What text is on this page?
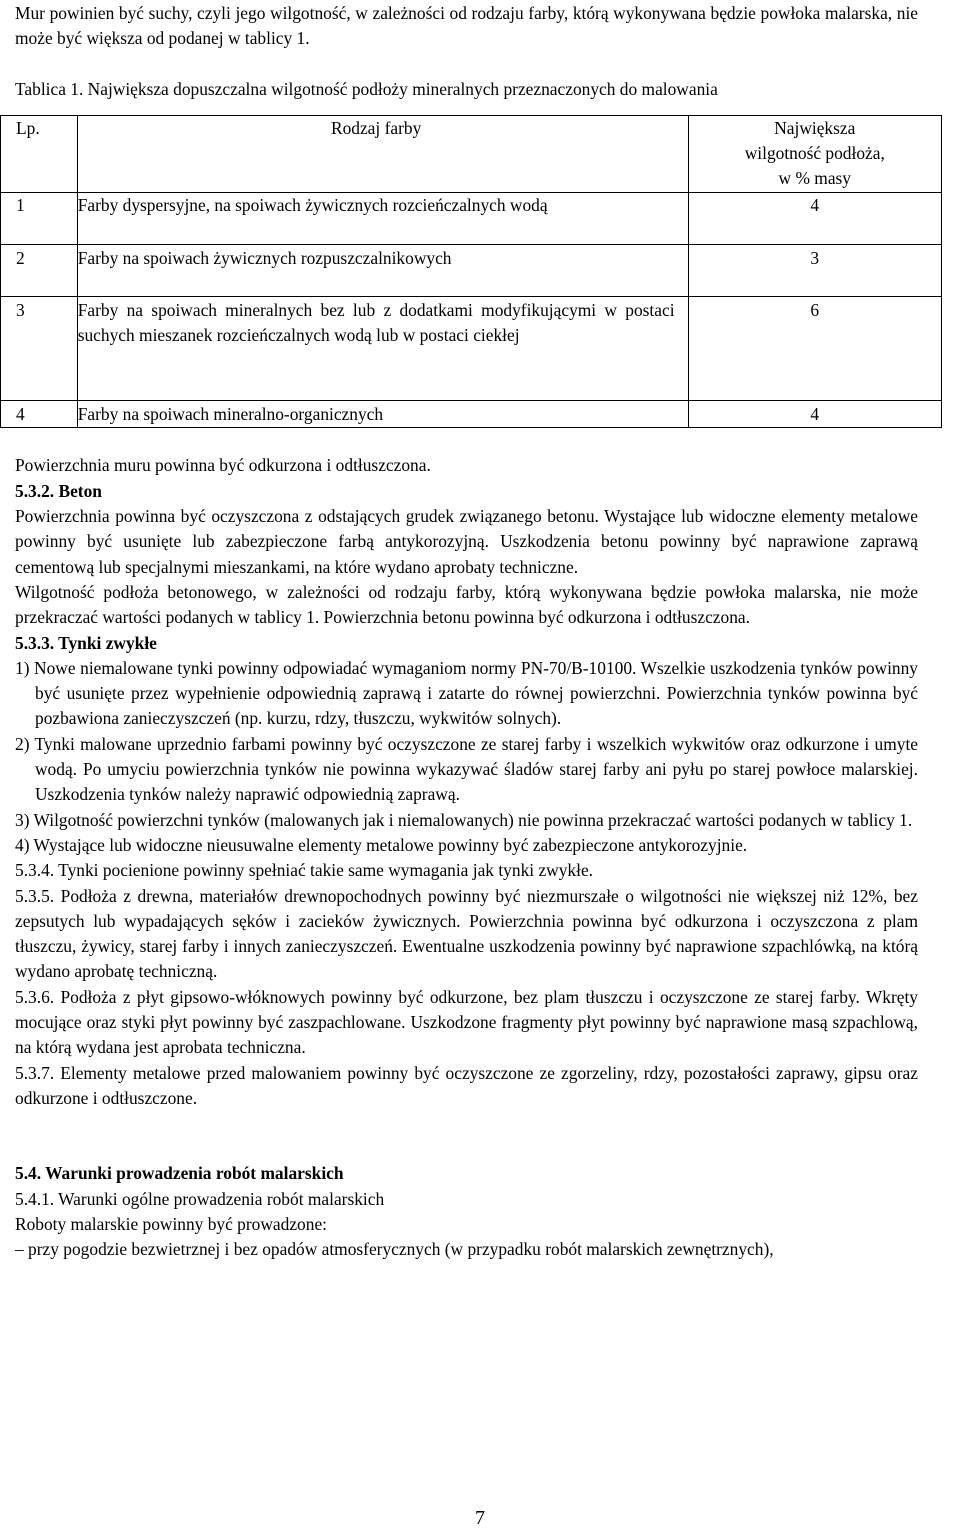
Mur powinien być suchy, czyli jego wilgotność, w zależności od rodzaju farby, którą wykonywana będzie powłoka malarska, nie może być większa od podanej w tablicy 1.

Tablica 1. Największa dopuszczalna wilgotność podłoży mineralnych przeznaczonych do malowania

Lp.	Rodzaj farby	Największa
wilgotność podłoża,
w % masy

1	Farby dyspersyjne, na spoiwach żywicznych rozcieńczalnych wodą	4
2	Farby na spoiwach żywicznych rozpuszczalnikowych	3
3	Farby na spoiwach mineralnych bez lub z dodatkami modyfikującymi w postaci suchych mieszanek rozcieńczalnych wodą lub w postaci ciekłej	6
4	Farby na spoiwach mineralno-organicznych	4

Powierzchnia muru powinna być odkurzona i odtłuszczona.

5.3.2. Beton

Powierzchnia powinna być oczyszczona z odstających grudek związanego betonu. Wystające lub widoczne elementy metalowe powinny być usunięte lub zabezpieczone farbą antykorozyjną. Uszkodzenia betonu powinny być naprawione zaprawą cementową lub specjalnymi mieszankami, na które wydano aprobaty techniczne.

Wilgotność podłoża betonowego, w zależności od rodzaju farby, którą wykonywana będzie powłoka malarska, nie może przekraczać wartości podanych w tablicy 1. Powierzchnia betonu powinna być odkurzona i odtłuszczona.

5.3.3. Tynki zwykłe

1) Nowe niemalowane tynki powinny odpowiadać wymaganiom normy PN-70/B-10100. Wszelkie uszkodzenia tynków powinny być usunięte przez wypełnienie odpowiednią zaprawą i zatarte do równej powierzchni. Powierzchnia tynków powinna być pozbawiona zanieczyszczeń (np. kurzu, rdzy, tłuszczu, wykwitów solnych).

2) Tynki malowane uprzednio farbami powinny być oczyszczone ze starej farby i wszelkich wykwitów oraz odkurzone i umyte wodą. Po umyciu powierzchnia tynków nie powinna wykazywać śladów starej farby ani pyłu po starej powłoce malarskiej. Uszkodzenia tynków należy naprawić odpowiednią zaprawą.

3) Wilgotność powierzchni tynków (malowanych jak i niemalowanych) nie powinna przekraczać wartości podanych w tablicy 1.

4) Wystające lub widoczne nieusuwalne elementy metalowe powinny być zabezpieczone antykorozyjnie.

5.3.4. Tynki pocienione powinny spełniać takie same wymagania jak tynki zwykłe.

5.3.5. Podłoża z drewna, materiałów drewnopochodnych powinny być niezmurszałe o wilgotności nie większej niż 12%, bez zepsutych lub wypadających sęków i zacieków żywicznych. Powierzchnia powinna być odkurzona i oczyszczona z plam tłuszczu, żywicy, starej farby i innych zanieczyszczeń. Ewentualne uszkodzenia powinny być naprawione szpachlówką, na którą wydano aprobatę techniczną.

5.3.6. Podłoża z płyt gipsowo-włóknowych powinny być odkurzone, bez plam tłuszczu i oczyszczone ze starej farby. Wkręty mocujące oraz styki płyt powinny być zaszpachlowane. Uszkodzone fragmenty płyt powinny być naprawione masą szpachlową, na którą wydana jest aprobata techniczna.

5.3.7. Elementy metalowe przed malowaniem powinny być oczyszczone ze zgorzeliny, rdzy, pozostałości zaprawy, gipsu oraz odkurzone i odtłuszczone.

5.4. Warunki prowadzenia robót malarskich

5.4.1. Warunki ogólne prowadzenia robót malarskich

Roboty malarskie powinny być prowadzone:

– przy pogodzie bezwietrznej i bez opadów atmosferycznych (w przypadku robót malarskich zewnętrznych),

7
